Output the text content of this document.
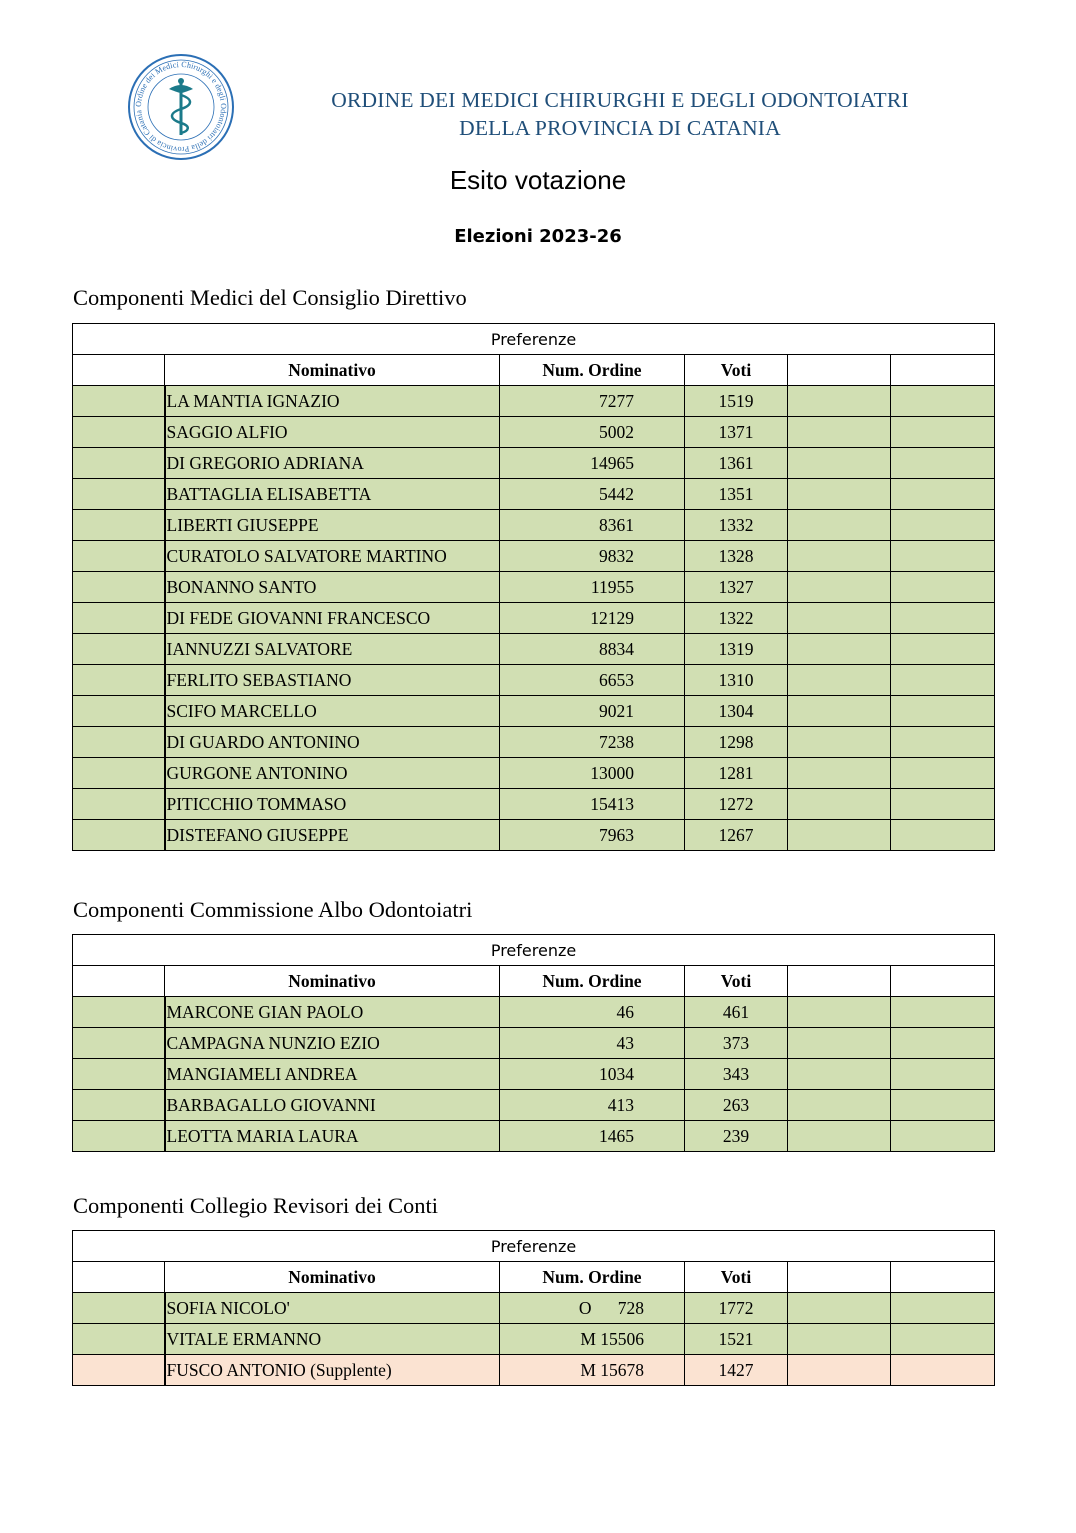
Ordine dei Medici Chirurghi e degli Odontoiatri della Provincia di Catania	ORDINE DEI MEDICI CHIRURGHI E DEGLI ODONTOIATRI
DELLA PROVINCIA DI CATANIA
Esito votazione
Elezioni 2023-26
Componenti Medici del Consiglio Direttivo
Preferenze					
	Nominativo	Num. Ordine	Voti		
	LA MANTIA IGNAZIO	7277	1519		
	SAGGIO ALFIO	5002	1371		
	DI GREGORIO ADRIANA	14965	1361		
	BATTAGLIA ELISABETTA	5442	1351		
	LIBERTI GIUSEPPE	8361	1332		
	CURATOLO SALVATORE MARTINO	9832	1328		
	BONANNO SANTO	11955	1327		
	DI FEDE GIOVANNI FRANCESCO	12129	1322		
	IANNUZZI SALVATORE	8834	1319		
	FERLITO SEBASTIANO	6653	1310		
	SCIFO MARCELLO	9021	1304		
	DI GUARDO ANTONINO	7238	1298		
	GURGONE ANTONINO	13000	1281		
	PITICCHIO TOMMASO	15413	1272		
	DISTEFANO GIUSEPPE	7963	1267		
Componenti Commissione Albo Odontoiatri
Preferenze					
	Nominativo	Num. Ordine	Voti		
	MARCONE GIAN PAOLO	46	461		
	CAMPAGNA NUNZIO EZIO	43	373		
	MANGIAMELI ANDREA	1034	343		
	BARBAGALLO GIOVANNI	413	263		
	LEOTTA MARIA LAURA	1465	239		
Componenti Collegio Revisori dei Conti
Preferenze					
	Nominativo	Num. Ordine	Voti		
	SOFIA NICOLO'	O      728	1772		
	VITALE ERMANNO	M 15506	1521		
	FUSCO ANTONIO (Supplente)	M 15678	1427		
